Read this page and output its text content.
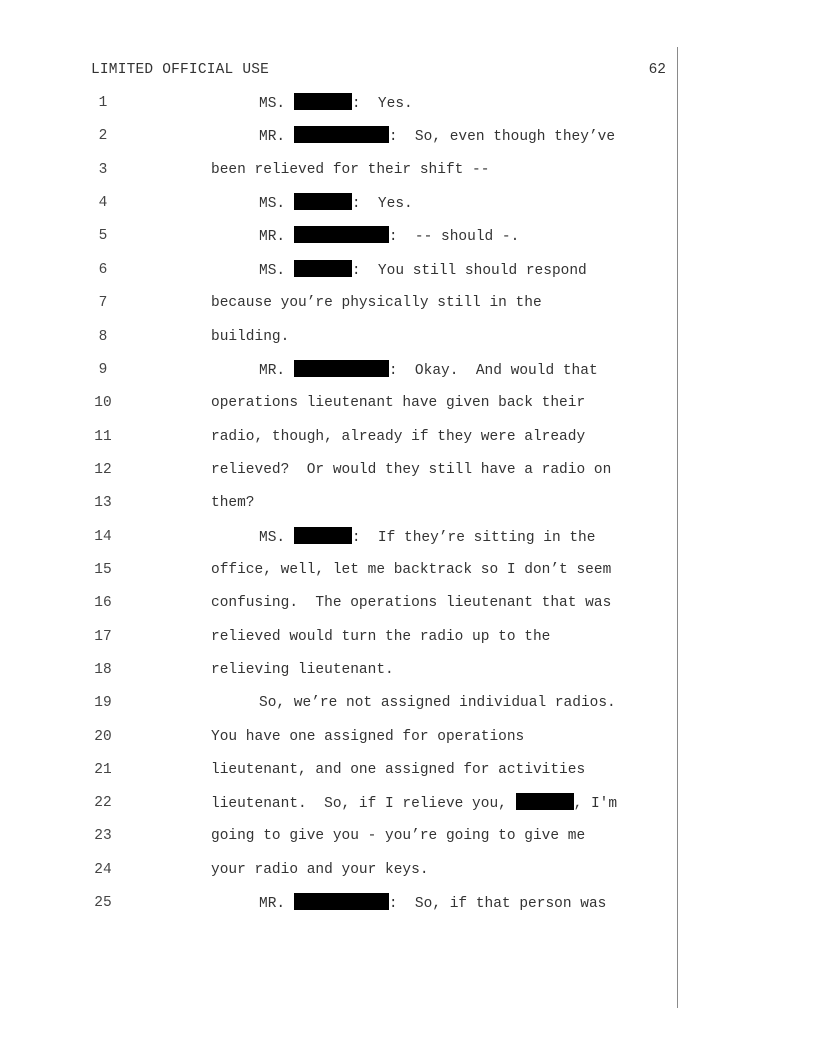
LIMITED OFFICIAL USE	62
1	MS.	:  Yes.
2	MR.	:  So, even though they’ve
3	been relieved for their shift --
4	MS.	:  Yes.
5	MR.	:  -- should -.
6	MS.	:  You still should respond
7	because you’re physically still in the
8	building.
9	MR.	:  Okay.  And would that
10	operations lieutenant have given back their
11	radio, though, already if they were already
12	relieved?  Or would they still have a radio on
13	them?
14	MS.	:  If they’re sitting in the
15	office, well, let me backtrack so I don’t seem
16	confusing.  The operations lieutenant that was
17	relieved would turn the radio up to the
18	relieving lieutenant.
19	So, we’re not assigned individual radios.
20	You have one assigned for operations
21	lieutenant, and one assigned for activities
22	lieutenant.  So, if I relieve you,	, I'm
23	going to give you - you’re going to give me
24	your radio and your keys.
25	MR.	:  So, if that person was
